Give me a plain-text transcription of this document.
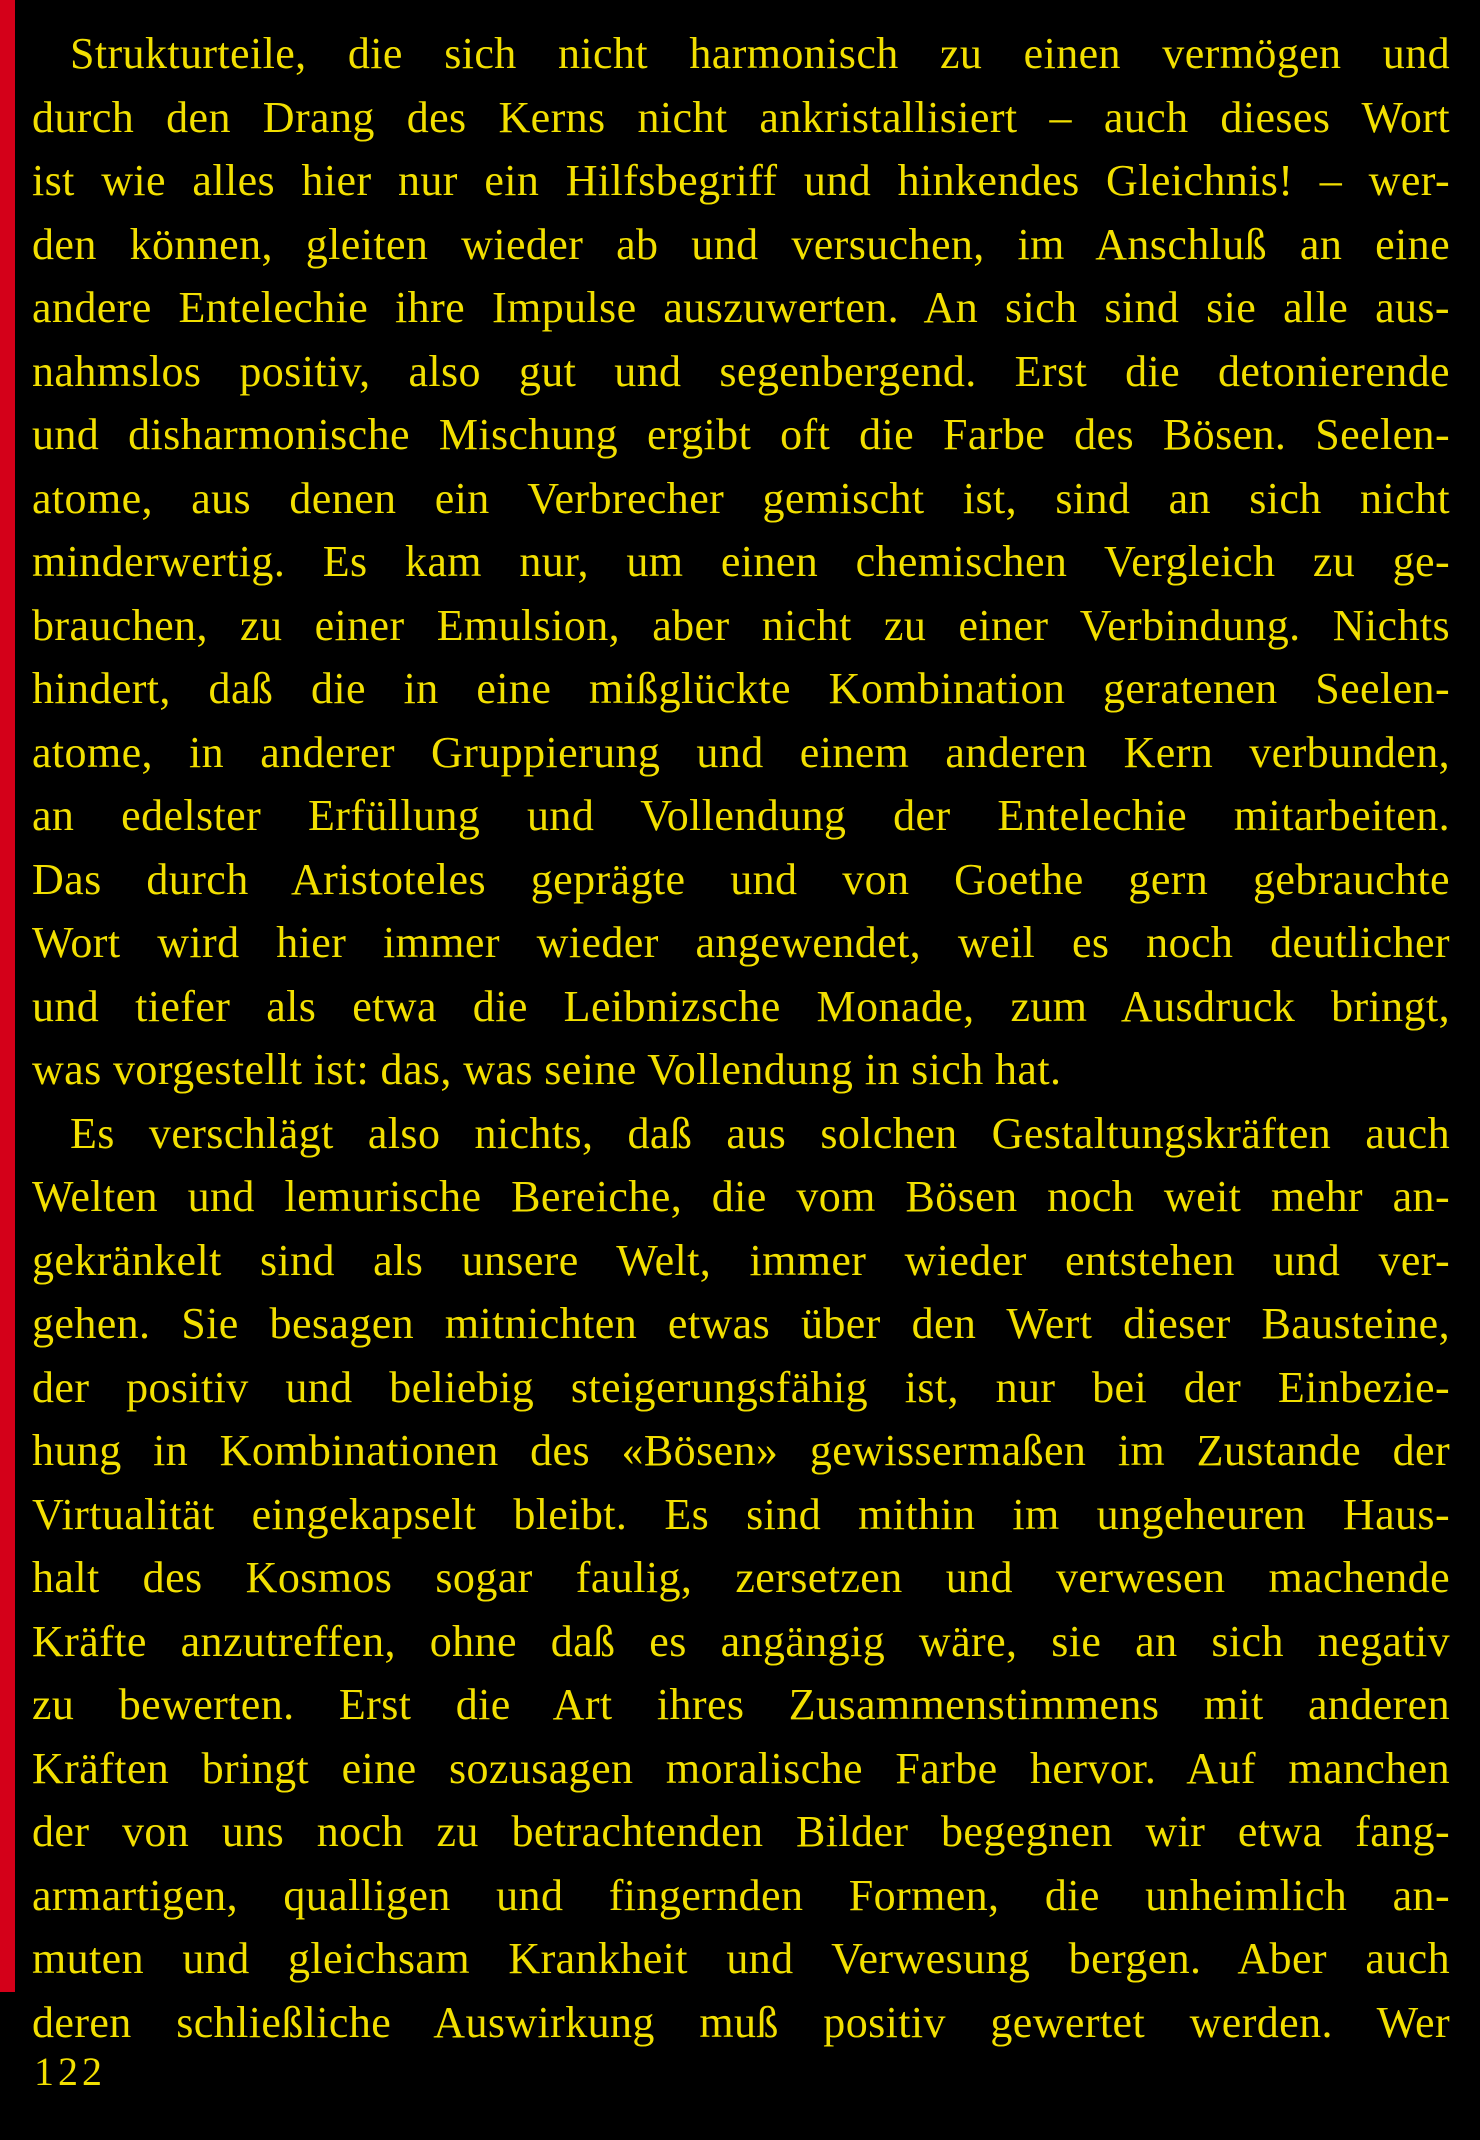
Strukturteile, die sich nicht harmonisch zu einen vermögen und
durch den Drang des Kerns nicht ankristallisiert – auch dieses Wort
ist wie alles hier nur ein Hilfsbegriff und hinkendes Gleichnis! – wer-
den können, gleiten wieder ab und versuchen, im Anschluß an eine
andere Entelechie ihre Impulse auszuwerten. An sich sind sie alle aus-
nahmslos positiv, also gut und segenbergend. Erst die detonierende
und disharmonische Mischung ergibt oft die Farbe des Bösen. Seelen-
atome, aus denen ein Verbrecher gemischt ist, sind an sich nicht
minderwertig. Es kam nur, um einen chemischen Vergleich zu ge-
brauchen, zu einer Emulsion, aber nicht zu einer Verbindung. Nichts
hindert, daß die in eine mißglückte Kombination geratenen Seelen-
atome, in anderer Gruppierung und einem anderen Kern verbunden,
an edelster Erfüllung und Vollendung der Entelechie mitarbeiten.
Das durch Aristoteles geprägte und von Goethe gern gebrauchte
Wort wird hier immer wieder angewendet, weil es noch deutlicher
und tiefer als etwa die Leibnizsche Monade, zum Ausdruck bringt,
was vorgestellt ist: das, was seine Vollendung in sich hat.
Es verschlägt also nichts, daß aus solchen Gestaltungskräften auch
Welten und lemurische Bereiche, die vom Bösen noch weit mehr an-
gekränkelt sind als unsere Welt, immer wieder entstehen und ver-
gehen. Sie besagen mitnichten etwas über den Wert dieser Bausteine,
der positiv und beliebig steigerungsfähig ist, nur bei der Einbezie-
hung in Kombinationen des «Bösen» gewissermaßen im Zustande der
Virtualität eingekapselt bleibt. Es sind mithin im ungeheuren Haus-
halt des Kosmos sogar faulig, zersetzen und verwesen machende
Kräfte anzutreffen, ohne daß es angängig wäre, sie an sich negativ
zu bewerten. Erst die Art ihres Zusammenstimmens mit anderen
Kräften bringt eine sozusagen moralische Farbe hervor. Auf manchen
der von uns noch zu betrachtenden Bilder begegnen wir etwa fang-
armartigen, qualligen und fingernden Formen, die unheimlich an-
muten und gleichsam Krankheit und Verwesung bergen. Aber auch
deren schließliche Auswirkung muß positiv gewertet werden. Wer
122
